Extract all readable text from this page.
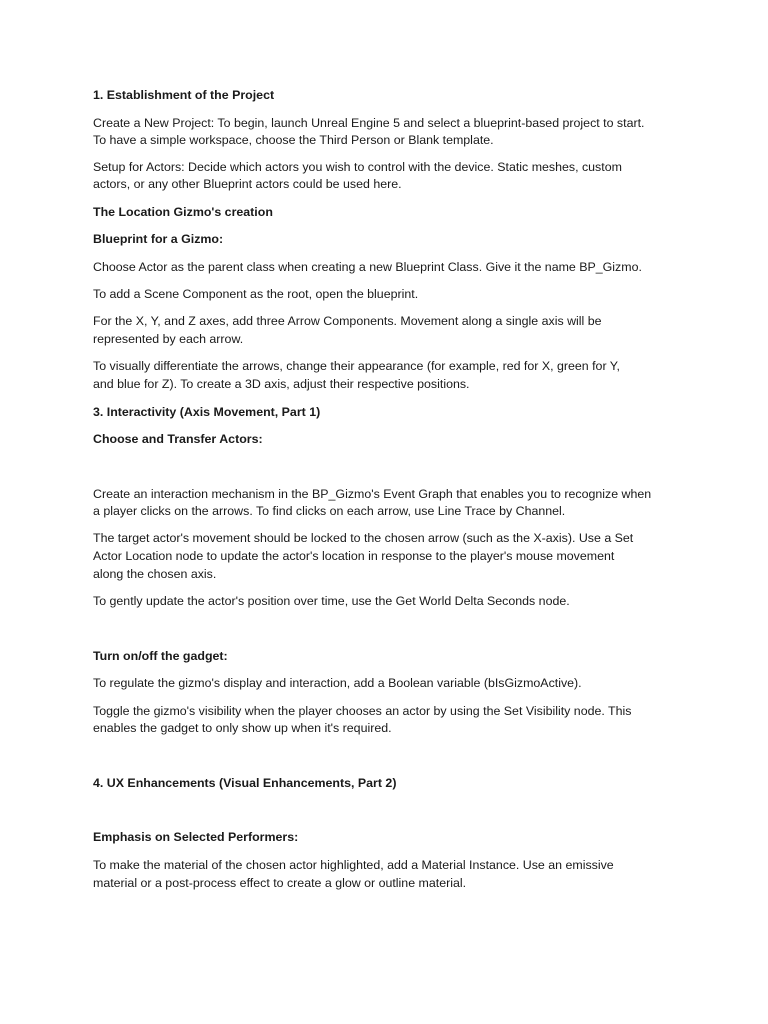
1. Establishment of the Project
Create a New Project: To begin, launch Unreal Engine 5 and select a blueprint-based project to start.
To have a simple workspace, choose the Third Person or Blank template.
Setup for Actors: Decide which actors you wish to control with the device. Static meshes, custom
actors, or any other Blueprint actors could be used here.
The Location Gizmo's creation
Blueprint for a Gizmo:
Choose Actor as the parent class when creating a new Blueprint Class. Give it the name BP_Gizmo.
To add a Scene Component as the root, open the blueprint.
For the X, Y, and Z axes, add three Arrow Components. Movement along a single axis will be
represented by each arrow.
To visually differentiate the arrows, change their appearance (for example, red for X, green for Y,
and blue for Z). To create a 3D axis, adjust their respective positions.
3. Interactivity (Axis Movement, Part 1)
Choose and Transfer Actors:
Create an interaction mechanism in the BP_Gizmo's Event Graph that enables you to recognize when
a player clicks on the arrows. To find clicks on each arrow, use Line Trace by Channel.
The target actor's movement should be locked to the chosen arrow (such as the X-axis). Use a Set
Actor Location node to update the actor's location in response to the player's mouse movement
along the chosen axis.
To gently update the actor's position over time, use the Get World Delta Seconds node.
Turn on/off the gadget:
To regulate the gizmo's display and interaction, add a Boolean variable (bIsGizmoActive).
Toggle the gizmo's visibility when the player chooses an actor by using the Set Visibility node. This
enables the gadget to only show up when it's required.
4. UX Enhancements (Visual Enhancements, Part 2)
Emphasis on Selected Performers:
To make the material of the chosen actor highlighted, add a Material Instance. Use an emissive
material or a post-process effect to create a glow or outline material.
